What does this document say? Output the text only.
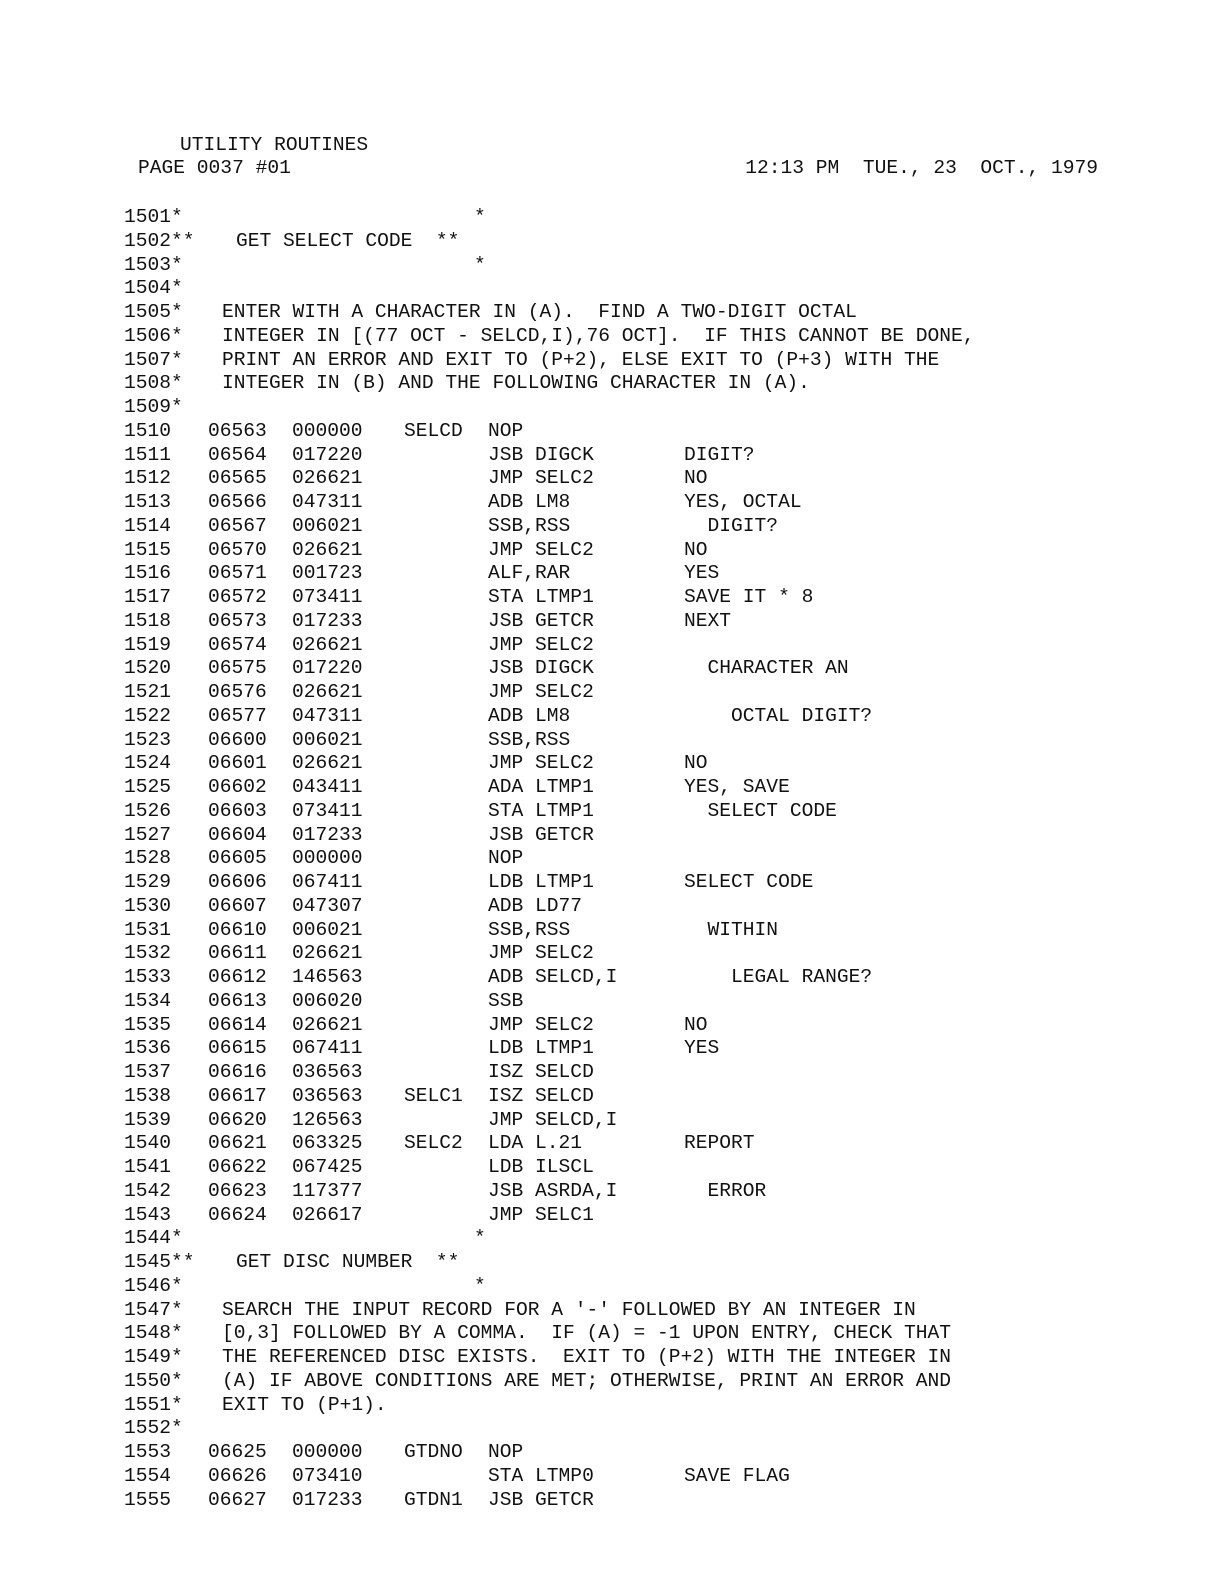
PAGE 0037 #01

	12:13 PM  TUE., 23  OCT., 1979

UTILITY ROUTINES

1501*	*
1502** GET SELECT CODE  **
1503*	*
1504*
1505* ENTER WITH A CHARACTER IN (A).  FIND A TWO-DIGIT OCTAL
1506* INTEGER IN [(77 OCT - SELCD,I),76 OCT].  IF THIS CANNOT BE DONE,
1507* PRINT AN ERROR AND EXIT TO (P+2), ELSE EXIT TO (P+3) WITH THE
1508* INTEGER IN (B) AND THE FOLLOWING CHARACTER IN (A).
1509*
1510 06563 000000 SELCD NOP
1511 06564 017220	JSB DIGCK	DIGIT?
1512 06565 026621	JMP SELC2	NO
1513 06566 047311	ADB LM8	YES, OCTAL
1514 06567 006021	SSB,RSS	DIGIT?
1515 06570 026621	JMP SELC2	NO
1516 06571 001723	ALF,RAR	YES
1517 06572 073411	STA LTMP1	SAVE IT * 8
1518 06573 017233	JSB GETCR	NEXT
1519 06574 026621	JMP SELC2
1520 06575 017220	JSB DIGCK	CHARACTER AN
1521 06576 026621	JMP SELC2
1522 06577 047311	ADB LM8	OCTAL DIGIT?
1523 06600 006021	SSB,RSS
1524 06601 026621	JMP SELC2	NO
1525 06602 043411	ADA LTMP1	YES, SAVE
1526 06603 073411	STA LTMP1	SELECT CODE
1527 06604 017233	JSB GETCR
1528 06605 000000	NOP
1529 06606 067411	LDB LTMP1	SELECT CODE
1530 06607 047307	ADB LD77
1531 06610 006021	SSB,RSS	WITHIN
1532 06611 026621	JMP SELC2
1533 06612 146563	ADB SELCD,I	LEGAL RANGE?
1534 06613 006020	SSB
1535 06614 026621	JMP SELC2	NO
1536 06615 067411	LDB LTMP1	YES
1537 06616 036563	ISZ SELCD
1538 06617 036563 SELC1 ISZ SELCD
1539 06620 126563	JMP SELCD,I
1540 06621 063325 SELC2 LDA L.21	REPORT
1541 06622 067425	LDB ILSCL
1542 06623 117377	JSB ASRDA,I	ERROR
1543 06624 026617	JMP SELC1
1544*	*
1545** GET DISC NUMBER  **
1546*	*
1547* SEARCH THE INPUT RECORD FOR A '-' FOLLOWED BY AN INTEGER IN
1548* [0,3] FOLLOWED BY A COMMA.  IF (A) = -1 UPON ENTRY, CHECK THAT
1549* THE REFERENCED DISC EXISTS.  EXIT TO (P+2) WITH THE INTEGER IN
1550* (A) IF ABOVE CONDITIONS ARE MET; OTHERWISE, PRINT AN ERROR AND
1551* EXIT TO (P+1).
1552*
1553 06625 000000 GTDNO NOP
1554 06626 073410	STA LTMP0	SAVE FLAG
1555 06627 017233 GTDN1 JSB GETCR
